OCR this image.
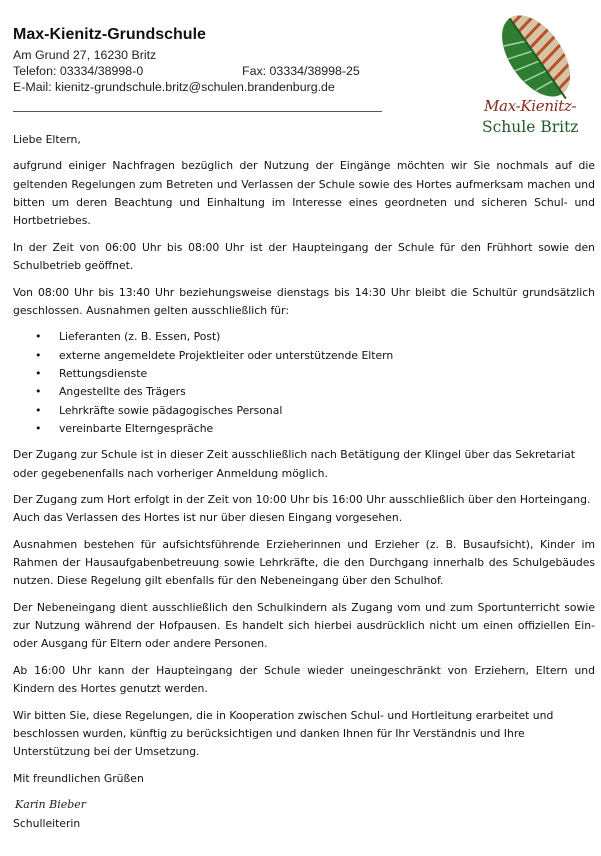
Max-Kienitz-Grundschule
Am Grund 27, 16230 Britz
Telefon: 03334/38998-0	Fax: 03334/38998-25
E-Mail: kienitz-grundschule.britz@schulen.brandenburg.de
Max-Kienitz-
Schule Britz

Liebe Eltern,

aufgrund einiger Nachfragen bezüglich der Nutzung der Eingänge möchten wir Sie nochmals auf die geltenden Regelungen zum Betreten und Verlassen der Schule sowie des Hortes aufmerksam machen und bitten um deren Beachtung und Einhaltung im Interesse eines geordneten und sicheren Schul- und Hortbetriebes.

In der Zeit von 06:00 Uhr bis 08:00 Uhr ist der Haupteingang der Schule für den Frühhort sowie den Schulbetrieb geöffnet.

Von 08:00 Uhr bis 13:40 Uhr beziehungsweise dienstags bis 14:30 Uhr bleibt die Schultür grundsätzlich geschlossen. Ausnahmen gelten ausschließlich für:

• Lieferanten (z. B. Essen, Post)
• externe angemeldete Projektleiter oder unterstützende Eltern
• Rettungsdienste
• Angestellte des Trägers
• Lehrkräfte sowie pädagogisches Personal
• vereinbarte Elterngespräche

Der Zugang zur Schule ist in dieser Zeit ausschließlich nach Betätigung der Klingel über das Sekretariat oder gegebenenfalls nach vorheriger Anmeldung möglich.

Der Zugang zum Hort erfolgt in der Zeit von 10:00 Uhr bis 16:00 Uhr ausschließlich über den Horteingang. Auch das Verlassen des Hortes ist nur über diesen Eingang vorgesehen.

Ausnahmen bestehen für aufsichtsführende Erzieherinnen und Erzieher (z. B. Busaufsicht), Kinder im Rahmen der Hausaufgabenbetreuung sowie Lehrkräfte, die den Durchgang innerhalb des Schulgebäudes nutzen. Diese Regelung gilt ebenfalls für den Nebeneingang über den Schulhof.

Der Nebeneingang dient ausschließlich den Schulkindern als Zugang vom und zum Sportunterricht sowie zur Nutzung während der Hofpausen. Es handelt sich hierbei ausdrücklich nicht um einen offiziellen Ein- oder Ausgang für Eltern oder andere Personen.

Ab 16:00 Uhr kann der Haupteingang der Schule wieder uneingeschränkt von Erziehern, Eltern und Kindern des Hortes genutzt werden.

Wir bitten Sie, diese Regelungen, die in Kooperation zwischen Schul- und Hortleitung erarbeitet und beschlossen wurden, künftig zu berücksichtigen und danken Ihnen für Ihr Verständnis und Ihre Unterstützung bei der Umsetzung.

Mit freundlichen Grüßen

Karin Bieber

Schulleiterin
